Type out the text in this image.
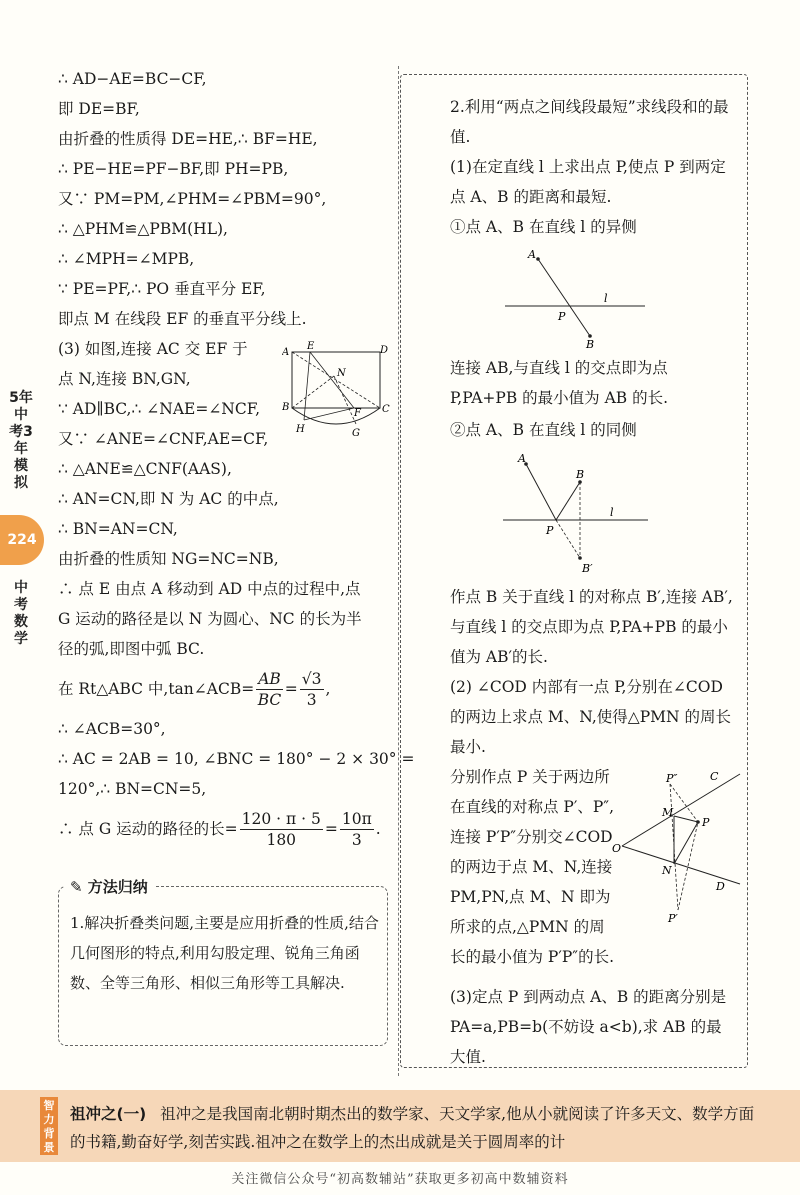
5年中考3年模拟
224
中考数学
∴ AD−AE=BC−CF,
即 DE=BF,
由折叠的性质得 DE=HE,∴ BF=HE,
∴ PE−HE=PF−BF,即 PH=PB,
又∵ PM=PM,∠PHM=∠PBM=90°,
∴ △PHM≌△PBM(HL),
∴ ∠MPH=∠MPB,
∵ PE=PF,∴ PO 垂直平分 EF,
即点 M 在线段 EF 的垂直平分线上.
(3) 如图,连接 AC 交 EF 于
点 N,连接 BN,GN,
∵ AD∥BC,∴ ∠NAE=∠NCF,
又∵ ∠ANE=∠CNF,AE=CF,
∴ △ANE≌△CNF(AAS),
∴ AN=CN,即 N 为 AC 的中点,
∴ BN=AN=CN,
由折叠的性质知 NG=NC=NB,
∴ 点 E 由点 A 移动到 AD 中点的过程中,点
G 运动的路径是以 N 为圆心、NC 的长为半
径的弧,即图中弧 BC.
在 Rt△ABC 中,tan∠ACB= $\frac{AB}{BC} = \frac{√3}{3}$ ,
∴ ∠ACB=30°,
∴ AC = 2AB = 10, ∠BNC = 180° − 2 × 30° =
120°,∴ BN=CN=5,
∴ 点 G 运动的路径的长= $\frac{120 \cdot \pi \cdot 5}{180} = \frac{10\pi}{3}$ .
A
E	D
N
B
F C
H	G
✎ 方法归纳
1.解决折叠类问题,主要是应用折叠的性质,结合几何图形的特点,利用勾股定理、锐角三角函数、全等三角形、相似三角形等工具解决.
2.利用“两点之间线段最短”求线段和的最值.
(1)在定直线 l 上求出点 P,使点 P 到两定点 A、B 的距离和最短.
①点 A、B 在直线 l 的异侧
A
l
P
B
连接 AB,与直线 l 的交点即为点 P,PA+PB 的最小值为 AB 的长.
②点 A、B 在直线 l 的同侧
A
B
l
P
B′
作点 B 关于直线 l 的对称点 B′,连接 AB′,与直线 l 的交点即为点 P,PA+PB 的最小值为 AB′的长.
(2) ∠COD 内部有一点 P,分别在∠COD 的两边上求点 M、N,使得△PMN 的周长最小.
分别作点 P 关于两边所在直线的对称点 P′、P″,连接 P′P″分别交∠COD 的两边于点 M、N,连接 PM,PN,点 M、N 即为所求的点,△PMN 的周长的最小值为 P′P″的长.
P″	C
M
P
O
N
D
P′
(3)定点 P 到两动点 A、B 的距离分别是 PA=a,PB=b(不妨设 a<b),求 AB 的最大值.
智力背景
祖冲之(一) 祖冲之是我国南北朝时期杰出的数学家、天文学家,他从小就阅读了许多天文、数学方面的书籍,勤奋好学,刻苦实践.祖冲之在数学上的杰出成就是关于圆周率的计
关注微信公众号“初高数辅站”获取更多初高中数辅资料
